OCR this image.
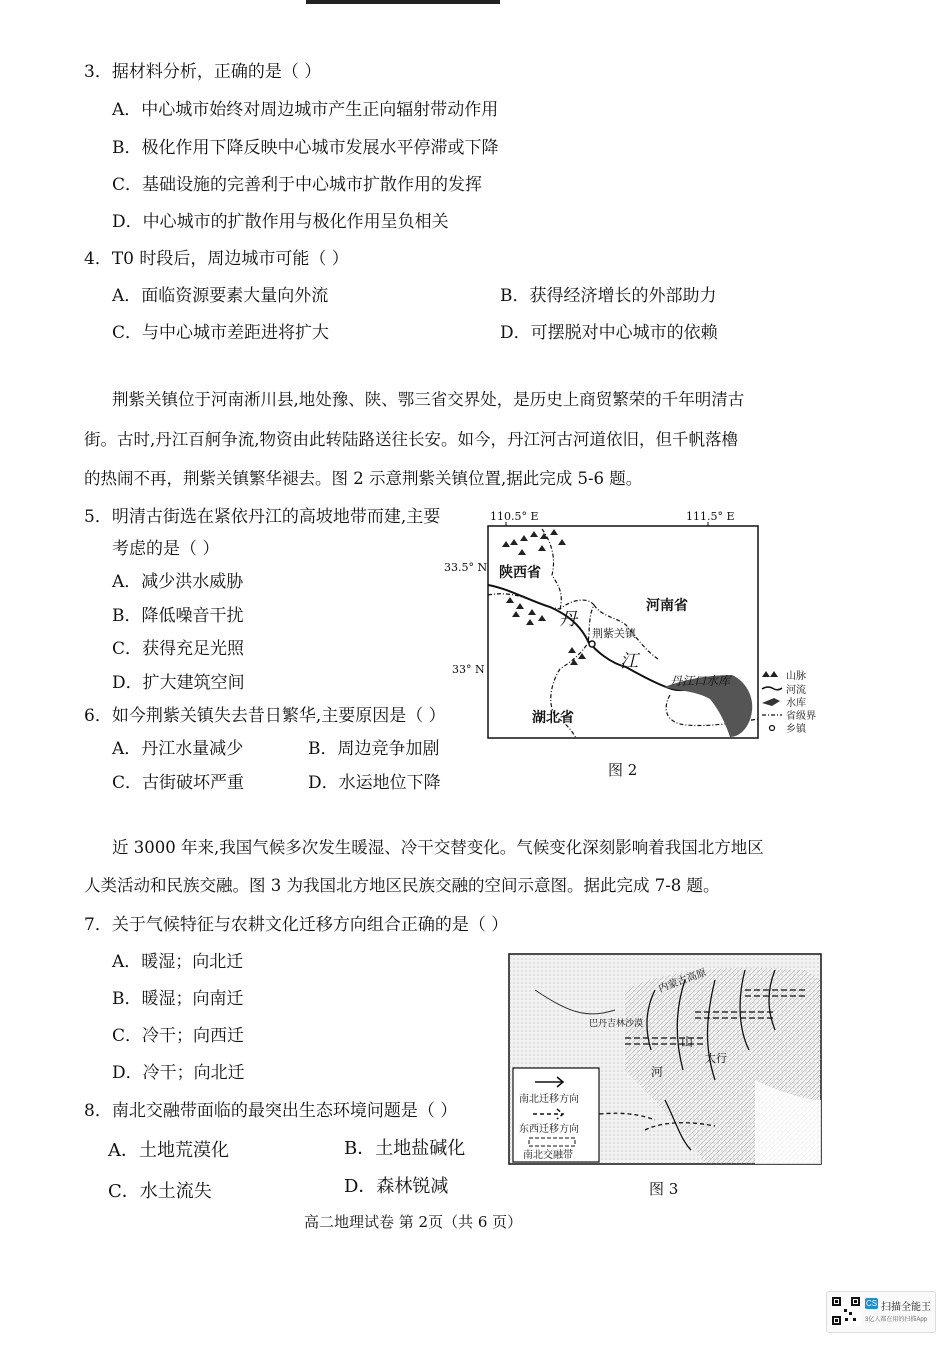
3．据材料分析，正确的是（ ）
A．中心城市始终对周边城市产生正向辐射带动作用
B．极化作用下降反映中心城市发展水平停滞或下降
C．基础设施的完善利于中心城市扩散作用的发挥
D．中心城市的扩散作用与极化作用呈负相关
4．T0 时段后，周边城市可能（ ）
A．面临资源要素大量向外流	B．获得经济增长的外部助力
C．与中心城市差距进将扩大	D．可摆脱对中心城市的依赖
荆紫关镇位于河南淅川县,地处豫、陕、鄂三省交界处，是历史上商贸繁荣的千年明清古
街。古时,丹江百舸争流,物资由此转陆路送往长安。如今，丹江河古河道依旧，但千帆落櫓
的热闹不再，荆紫关镇繁华褪去。图 2 示意荆紫关镇位置,据此完成 5-6 题。
5．明清古街选在紧依丹江的高坡地带而建,主要
考虑的是（ ）
A．减少洪水威胁
B．降低噪音干扰
C．获得充足光照
D．扩大建筑空间
6．如今荆紫关镇失去昔日繁华,主要原因是（ ）
A．丹江水量减少	B．周边竞争加剧
C．古街破坏严重	D．水运地位下降
110.5° E	111.5° E
33.5° N
33° N
陕西省
河南省
湖北省
荆紫关镇
丹
江
丹江口水库	山脉
河流
水库
省级界
乡镇
图 2
近 3000 年来,我国气候多次发生暖湿、冷干交替变化。气候变化深刻影响着我国北方地区
人类活动和民族交融。图 3 为我国北方地区民族交融的空间示意图。据此完成 7-8 题。
7．关于气候特征与农耕文化迁移方向组合正确的是（ ）
A．暖湿；向北迁
B．暖湿；向南迁
C．冷干；向西迁
D．冷干；向北迁
8．南北交融带面临的最突出生态环境问题是（ ）
A．土地荒漠化	B．土地盐碱化
C．水土流失	D．森林锐减
内蒙古高原
巴丹吉林沙漠
山
河
太行
南北迁移方向
东西迁移方向
南北交融带
图 3
高二地理试卷 第 2页（共 6 页）
CS 扫描全能王
3亿人都在用的扫描App
